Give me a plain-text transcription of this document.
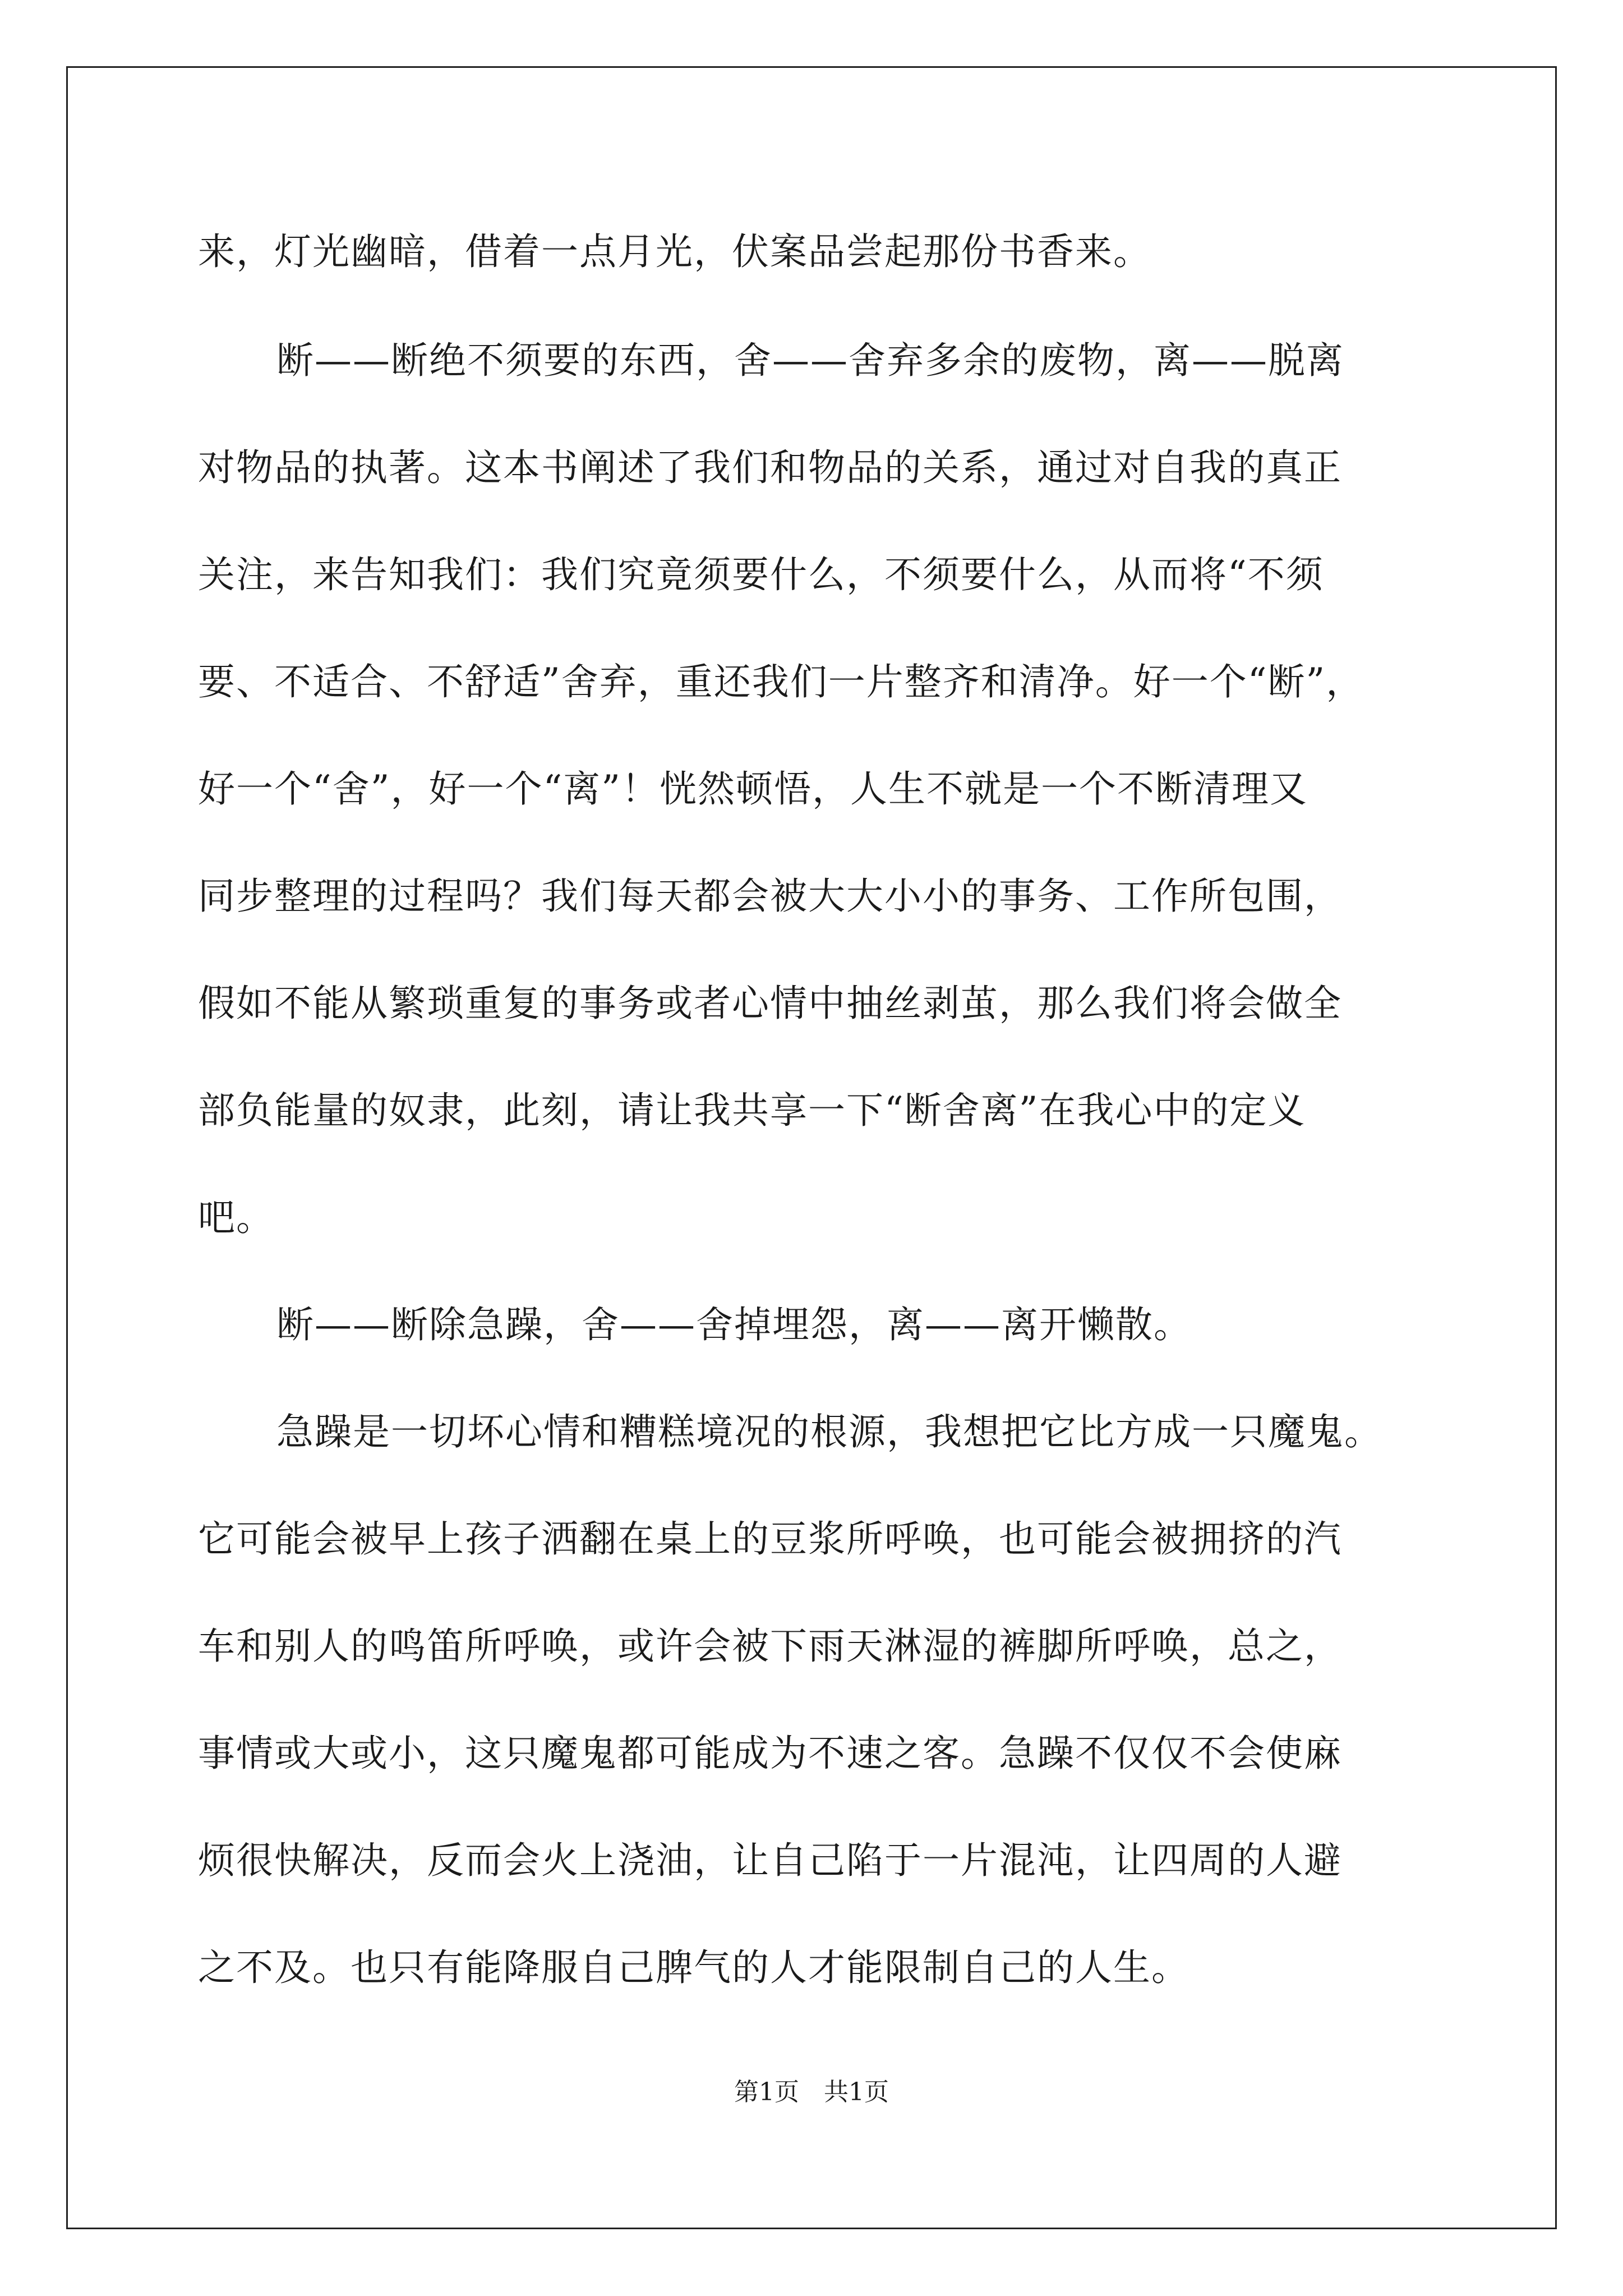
来，灯光幽暗，借着一点月光，伏案品尝起那份书香来。
断——断绝不须要的东西，舍——舍弃多余的废物，离——脱离
对物品的执著。这本书阐述了我们和物品的关系，通过对自我的真正
关注，来告知我们：我们究竟须要什么，不须要什么，从而将“不须
要、不适合、不舒适”舍弃，重还我们一片整齐和清净。好一个“断”，
好一个“舍”，好一个“离”！恍然顿悟，人生不就是一个不断清理又
同步整理的过程吗？我们每天都会被大大小小的事务、工作所包围，
假如不能从繁琐重复的事务或者心情中抽丝剥茧，那么我们将会做全
部负能量的奴隶，此刻，请让我共享一下“断舍离”在我心中的定义
吧。
断——断除急躁，舍——舍掉埋怨，离——离开懒散。
急躁是一切坏心情和糟糕境况的根源，我想把它比方成一只魔鬼。
它可能会被早上孩子洒翻在桌上的豆浆所呼唤，也可能会被拥挤的汽
车和别人的鸣笛所呼唤，或许会被下雨天淋湿的裤脚所呼唤，总之，
事情或大或小，这只魔鬼都可能成为不速之客。急躁不仅仅不会使麻
烦很快解决，反而会火上浇油，让自己陷于一片混沌，让四周的人避
之不及。也只有能降服自己脾气的人才能限制自己的人生。
第1页　共1页
